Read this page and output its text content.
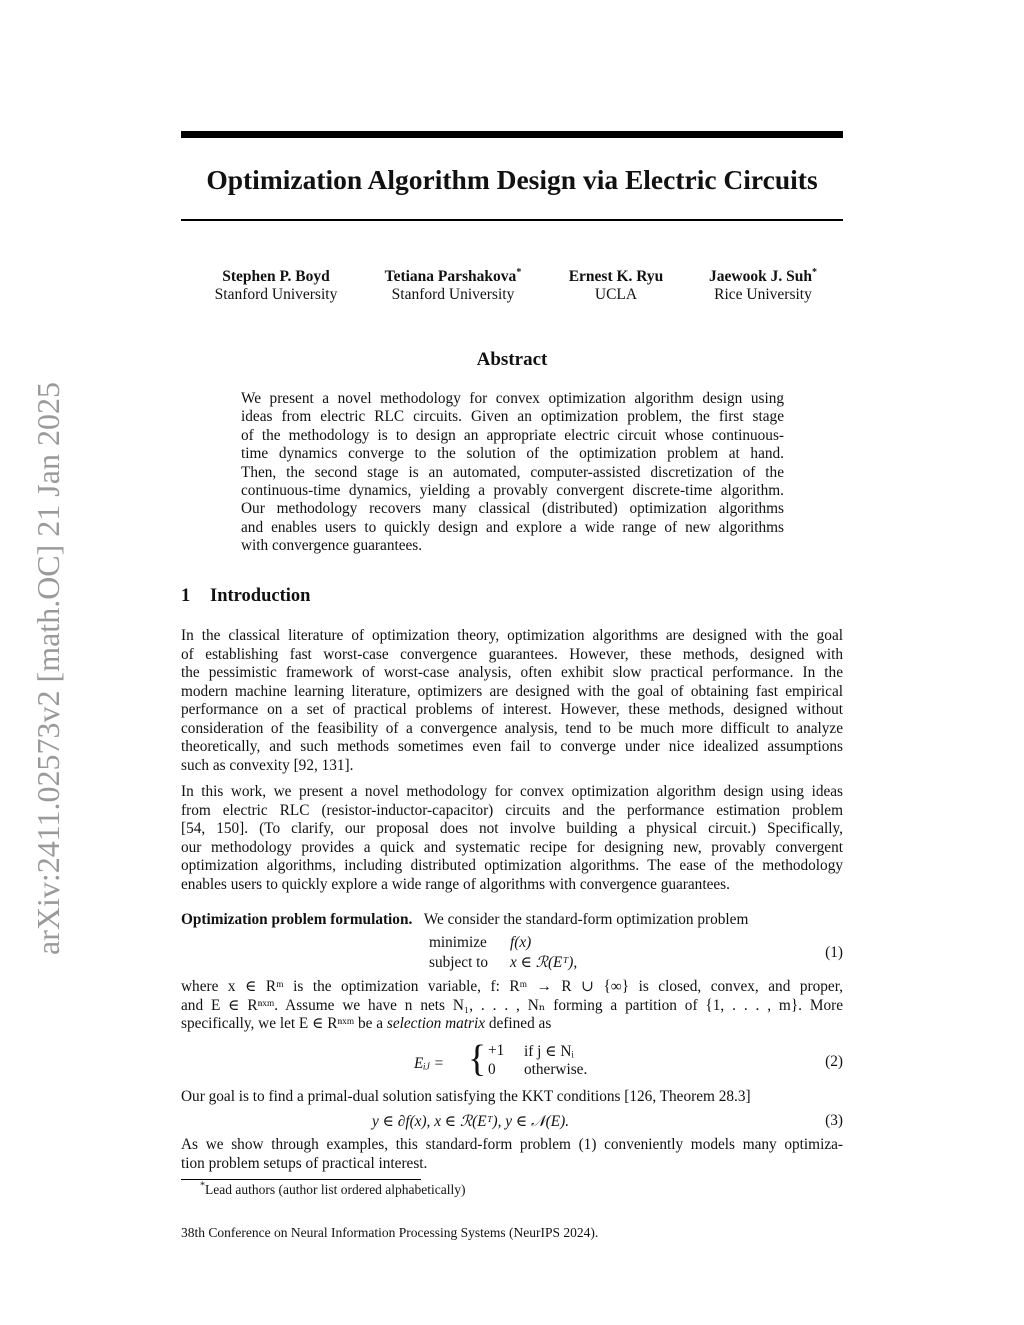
arXiv:2411.02573v2 [math.OC] 21 Jan 2025
Optimization Algorithm Design via Electric Circuits
Stephen P. Boyd
Stanford University
Tetiana Parshakova*
Stanford University
Ernest K. Ryu
UCLA
Jaewook J. Suh*
Rice University
Abstract
We present a novel methodology for convex optimization algorithm design using
ideas from electric RLC circuits. Given an optimization problem, the first stage
of the methodology is to design an appropriate electric circuit whose continuous-
time dynamics converge to the solution of the optimization problem at hand.
Then, the second stage is an automated, computer-assisted discretization of the
continuous-time dynamics, yielding a provably convergent discrete-time algorithm.
Our methodology recovers many classical (distributed) optimization algorithms
and enables users to quickly design and explore a wide range of new algorithms
with convergence guarantees.
1 Introduction
In the classical literature of optimization theory, optimization algorithms are designed with the goal
of establishing fast worst-case convergence guarantees. However, these methods, designed with
the pessimistic framework of worst-case analysis, often exhibit slow practical performance. In the
modern machine learning literature, optimizers are designed with the goal of obtaining fast empirical
performance on a set of practical problems of interest. However, these methods, designed without
consideration of the feasibility of a convergence analysis, tend to be much more difficult to analyze
theoretically, and such methods sometimes even fail to converge under nice idealized assumptions
such as convexity [92, 131].
In this work, we present a novel methodology for convex optimization algorithm design using ideas
from electric RLC (resistor-inductor-capacitor) circuits and the performance estimation problem
[54, 150]. (To clarify, our proposal does not involve building a physical circuit.) Specifically,
our methodology provides a quick and systematic recipe for designing new, provably convergent
optimization algorithms, including distributed optimization algorithms. The ease of the methodology
enables users to quickly explore a wide range of algorithms with convergence guarantees.
Optimization problem formulation. We consider the standard-form optimization problem
minimize f(x)
subject to x ∈ ℛ(Eᵀ),
(1)
where x ∈ Rᵐ is the optimization variable, f: Rᵐ → R ∪ {∞} is closed, convex, and proper,
and E ∈ Rⁿˣᵐ. Assume we have n nets N₁, . . . , Nₙ forming a partition of {1, . . . , m}. More
specifically, we let E ∈ Rⁿˣᵐ be a selection matrix defined as
Eᵢⱼ = { +1 if j ∈ Nᵢ
0 otherwise.	(2)
Our goal is to find a primal-dual solution satisfying the KKT conditions [126, Theorem 28.3]
y ∈ ∂f(x), x ∈ ℛ(Eᵀ), y ∈ 𝒩(E).	(3)
As we show through examples, this standard-form problem (1) conveniently models many optimiza-
tion problem setups of practical interest.
*Lead authors (author list ordered alphabetically)
38th Conference on Neural Information Processing Systems (NeurIPS 2024).
